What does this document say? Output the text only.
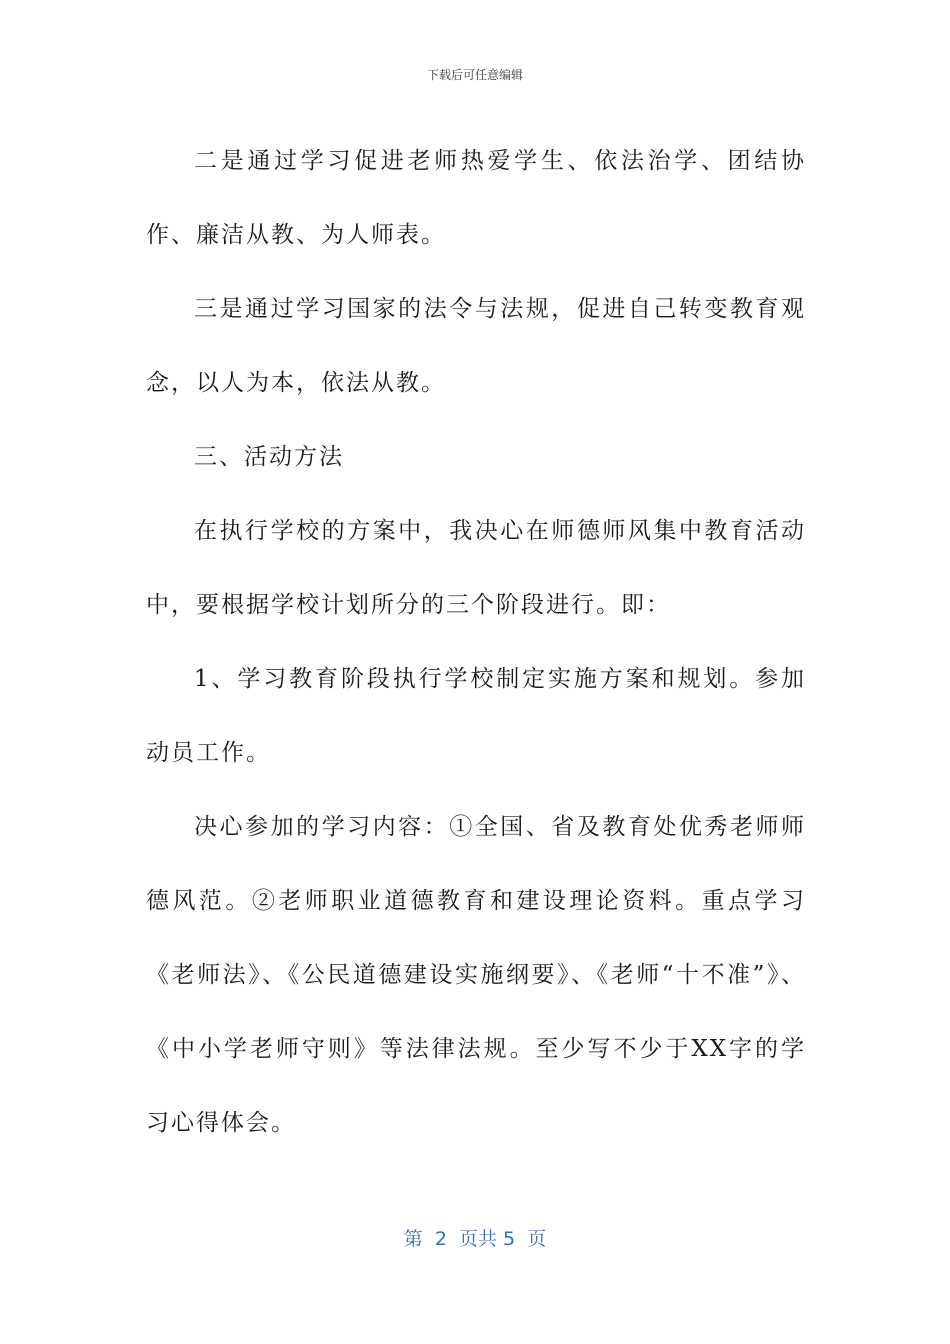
下载后可任意编辑

二是通过学习促进老师热爱学生、依法治学、团结协作、廉洁从教、为人师表。

三是通过学习国家的法令与法规，促进自己转变教育观念，以人为本，依法从教。

三、活动方法

在执行学校的方案中，我决心在师德师风集中教育活动中，要根据学校计划所分的三个阶段进行。即：

1、学习教育阶段执行学校制定实施方案和规划。参加动员工作。

决心参加的学习内容：①全国、省及教育处优秀老师师德风范。②老师职业道德教育和建设理论资料。重点学习《老师法》、《公民道德建设实施纲要》、《老师“十不准”》、《中小学老师守则》等法律法规。至少写不少于XX字的学习心得体会。

第  2  页共 5  页
